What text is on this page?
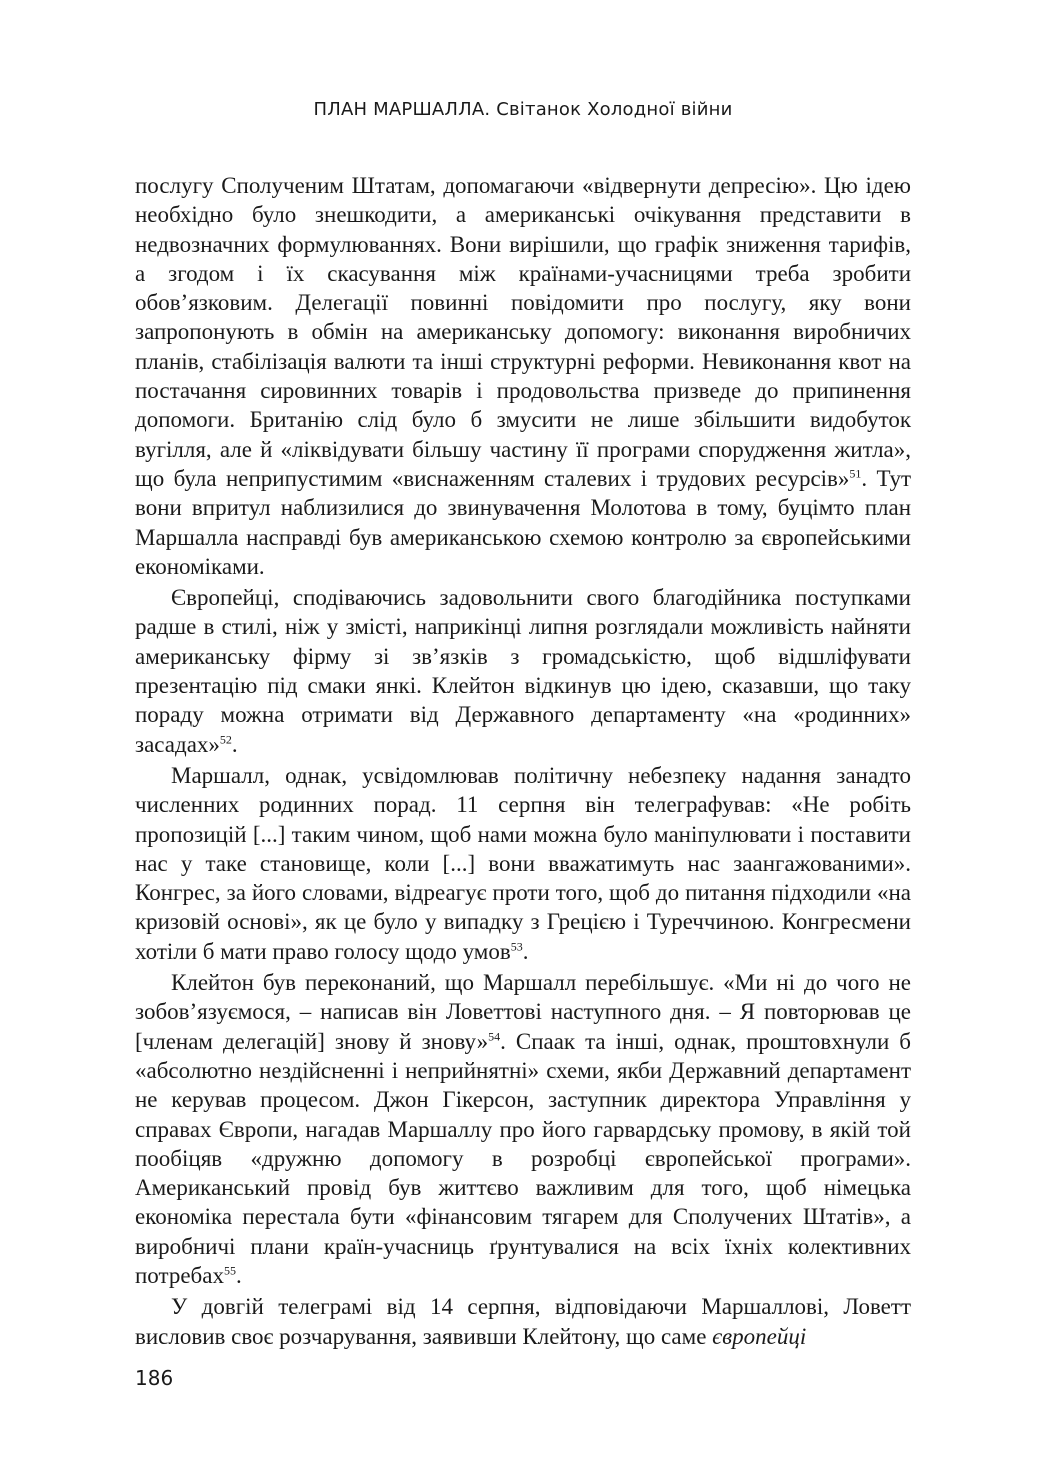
ПЛАН МАРШАЛЛА. Світанок Холодної війни

послугу Сполученим Штатам, допомагаючи «відвернути депресію». Цю ідею необхідно було знешкодити, а американські очікування представити в недвозначних формулюваннях. Вони вирішили, що графік зниження тарифів, а згодом і їх скасування між країнами-учасницями треба зробити обов’язковим. Делегації повинні повідомити про послугу, яку вони запропонують в обмін на американську допомогу: виконання виробничих планів, стабілізація валюти та інші структурні реформи. Невиконання квот на постачання сировинних товарів і продовольства призведе до припинення допомоги. Британію слід було б змусити не лише збільшити видобуток вугілля, але й «ліквідувати більшу частину її програми спорудження житла», що була неприпустимим «виснаженням сталевих і трудових ресурсів»$^{51}$. Тут вони впритул наблизилися до звинувачення Молотова в тому, буцімто план Маршалла насправді був американською схемою контролю за європейськими економіками.

Європейці, сподіваючись задовольнити свого благодійника поступками радше в стилі, ніж у змісті, наприкінці липня розглядали можливість найняти американську фірму зі зв’язків з громадськістю, щоб відшліфувати презентацію під смаки янкі. Клейтон відкинув цю ідею, сказавши, що таку пораду можна отримати від Державного департаменту «на «родинних» засадах»$^{52}$.

Маршалл, однак, усвідомлював політичну небезпеку надання занадто численних родинних порад. 11 серпня він телеграфував: «Не робіть пропозицій [...] таким чином, щоб нами можна було маніпулювати і поставити нас у таке становище, коли [...] вони вважатимуть нас заангажованими». Конгрес, за його словами, відреагує проти того, щоб до питання підходили «на кризовій основі», як це було у випадку з Грецією і Туреччиною. Конгресмени хотіли б мати право голосу щодо умов$^{53}$.

Клейтон був переконаний, що Маршалл перебільшує. «Ми ні до чого не зобов’язуємося, – написав він Ловеттові наступного дня. – Я повторював це [членам делегацій] знову й знову»$^{54}$. Спаак та інші, однак, проштовхнули б «абсолютно нездійсненні і неприйнятні» схеми, якби Державний департамент не керував процесом. Джон Гікерсон, заступник директора Управління у справах Європи, нагадав Маршаллу про його гарвардську промову, в якій той пообіцяв «дружню допомогу в розробці європейської програми». Американський провід був життєво важливим для того, щоб німецька економіка перестала бути «фінансовим тягарем для Сполучених Штатів», а виробничі плани країн-учасниць ґрунтувалися на всіх їхніх колективних потребах$^{55}$.

У довгій телеграмі від 14 серпня, відповідаючи Маршаллові, Ловетт висловив своє розчарування, заявивши Клейтону, що саме європейці

186
